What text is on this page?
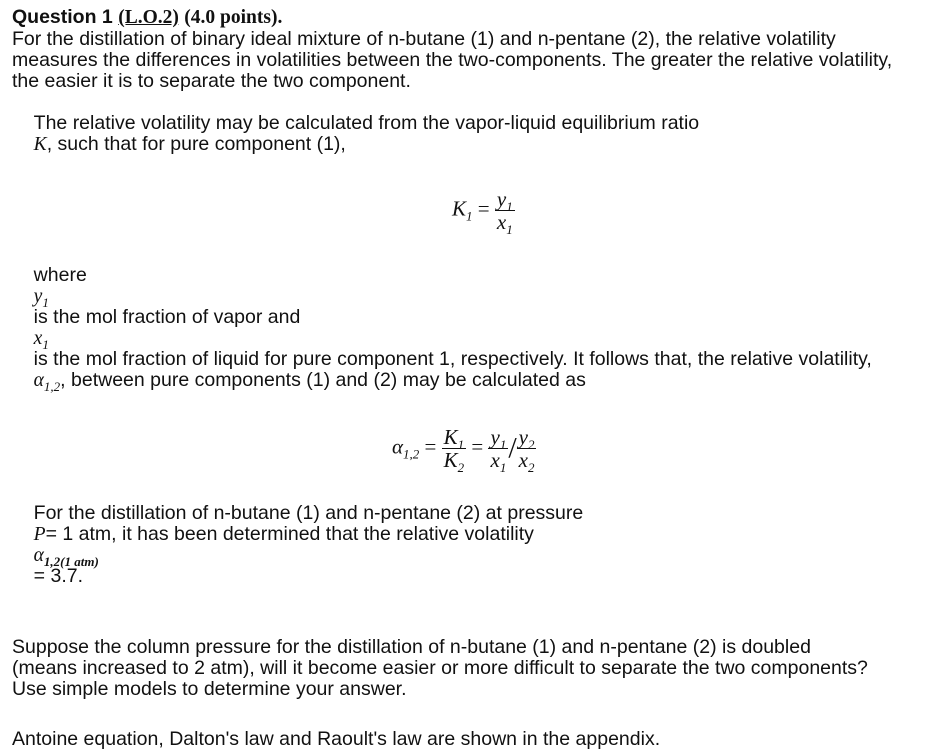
Question 1 (L.O.2) (4.0 points).

For the distillation of binary ideal mixture of n-butane (1) and n-pentane (2), the relative volatility measures the differences in volatilities between the two-components. The greater the relative volatility, the easier it is to separate the two component.

The relative volatility may be calculated from the vapor-liquid equilibrium ratio
K, such that for pure component (1),

$K_1 = \frac{y_1}{x_1}$

where
$y_1$
is the mol fraction of vapor and
$x_1$
is the mol fraction of liquid for pure component 1, respectively. It follows that, the relative volatility,
$\alpha_{1,2}$, between pure components (1) and (2) may be calculated as

$\alpha_{1,2} = \frac{K_1}{K_2} = \frac{y_1}{x_1} / \frac{y_2}{x_2}$

For the distillation of n-butane (1) and n-pentane (2) at pressure
P= 1 atm, it has been determined that the relative volatility
$\alpha_{1,2(1 atm)}$
= 3.7.

Suppose the column pressure for the distillation of n-butane (1) and n-pentane (2) is doubled (means increased to 2 atm), will it become easier or more difficult to separate the two components? Use simple models to determine your answer.

Antoine equation, Dalton's law and Raoult's law are shown in the appendix.
